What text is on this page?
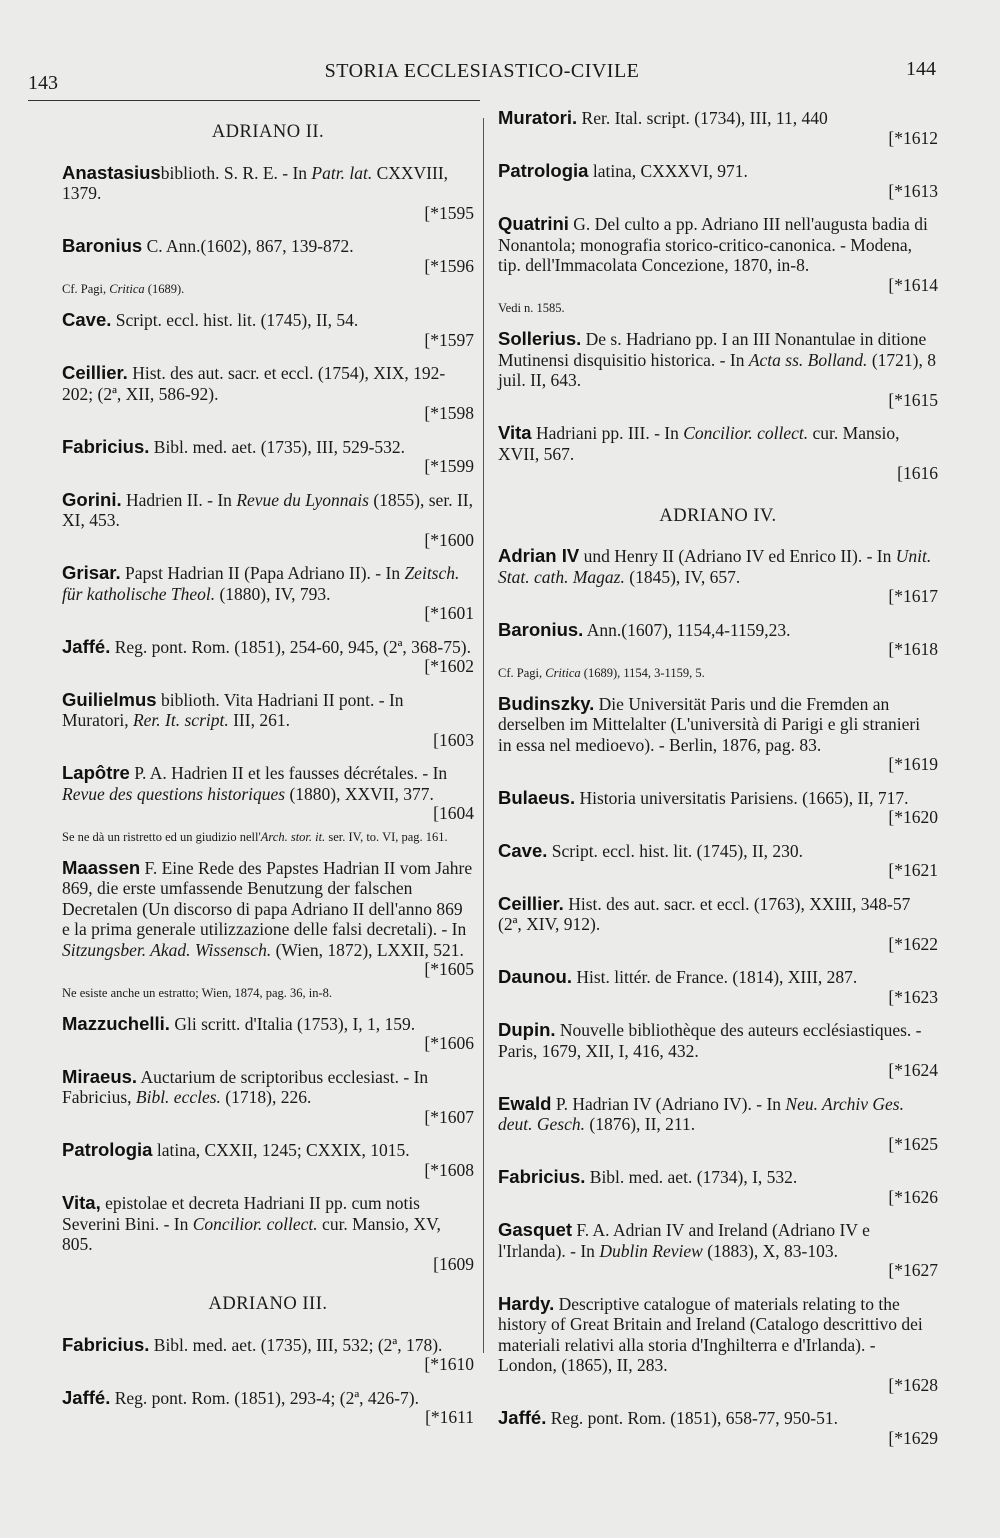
143
STORIA ECCLESIASTICO-CIVILE	144
ADRIANO II.
Anastasiusbiblioth. S. R. E. - In Patr. lat. CXXVIII, 1379.
[*1595
Baronius C. Ann.(1602), 867, 139-872.
[*1596
Cf. Pagi, Critica (1689).
Cave. Script. eccl. hist. lit. (1745), II, 54.
[*1597
Ceillier. Hist. des aut. sacr. et eccl. (1754), XIX, 192-202; (2ª, XII, 586-92).
[*1598
Fabricius. Bibl. med. aet. (1735), III, 529-532.
[*1599
Gorini. Hadrien II. - In Revue du Lyonnais (1855), ser. II, XI, 453.
[*1600
Grisar. Papst Hadrian II (Papa Adriano II). - In Zeitsch. für katholische Theol. (1880), IV, 793.
[*1601
Jaffé. Reg. pont. Rom. (1851), 254-60, 945, (2ª, 368-75).
[*1602
Guilielmus biblioth. Vita Hadriani II pont. - In Muratori, Rer. It. script. III, 261.
[1603
Lapôtre P. A. Hadrien II et les fausses décrétales. - In Revue des questions historiques (1880), XXVII, 377.
[1604
Se ne dà un ristretto ed un giudizio nell'Arch. stor. it. ser. IV, to. VI, pag. 161.
Maassen F. Eine Rede des Papstes Hadrian II vom Jahre 869, die erste umfassende Benutzung der falschen Decretalen (Un discorso di papa Adriano II dell'anno 869 e la prima generale utilizzazione delle falsi decretali). - In Sitzungsber. Akad. Wissensch. (Wien, 1872), LXXII, 521.
[*1605
Ne esiste anche un estratto; Wien, 1874, pag. 36, in-8.
Mazzuchelli. Gli scritt. d'Italia (1753), I, 1, 159.
[*1606
Miraeus. Auctarium de scriptoribus ecclesiast. - In Fabricius, Bibl. eccles. (1718), 226.
[*1607
Patrologia latina, CXXII, 1245; CXXIX, 1015.
[*1608
Vita, epistolae et decreta Hadriani II pp. cum notis Severini Bini. - In Concilior. collect. cur. Mansio, XV, 805.
[1609
ADRIANO III.
Fabricius. Bibl. med. aet. (1735), III, 532; (2ª, 178).
[*1610
Jaffé. Reg. pont. Rom. (1851), 293-4; (2ª, 426-7).
[*1611
Muratori. Rer. Ital. script. (1734), III, 11, 440
[*1612
Patrologia latina, CXXXVI, 971.
[*1613
Quatrini G. Del culto a pp. Adriano III nell'augusta badia di Nonantola; monografia storico-critico-canonica. - Modena, tip. dell'Immacolata Concezione, 1870, in-8.
[*1614
Vedi n. 1585.
Sollerius. De s. Hadriano pp. I an III Nonantulae in ditione Mutinensi disquisitio historica. - In Acta ss. Bolland. (1721), 8 juil. II, 643.
[*1615
Vita Hadriani pp. III. - In Concilior. collect. cur. Mansio, XVII, 567.
[1616
ADRIANO IV.
Adrian IV und Henry II (Adriano IV ed Enrico II). - In Unit. Stat. cath. Magaz. (1845), IV, 657.
[*1617
Baronius. Ann.(1607), 1154,4-1159,23.
[*1618
Cf. Pagi, Critica (1689), 1154, 3-1159, 5.
Budinszky. Die Universität Paris und die Fremden an derselben im Mittelalter (L'università di Parigi e gli stranieri in essa nel medioevo). - Berlin, 1876, pag. 83.
[*1619
Bulaeus. Historia universitatis Parisiens. (1665), II, 717.
[*1620
Cave. Script. eccl. hist. lit. (1745), II, 230.
[*1621
Ceillier. Hist. des aut. sacr. et eccl. (1763), XXIII, 348-57 (2ª, XIV, 912).
[*1622
Daunou. Hist. littér. de France. (1814), XIII, 287.
[*1623
Dupin. Nouvelle bibliothèque des auteurs ecclésiastiques. - Paris, 1679, XII, I, 416, 432.
[*1624
Ewald P. Hadrian IV (Adriano IV). - In Neu. Archiv Ges. deut. Gesch. (1876), II, 211.
[*1625
Fabricius. Bibl. med. aet. (1734), I, 532.
[*1626
Gasquet F. A. Adrian IV and Ireland (Adriano IV e l'Irlanda). - In Dublin Review (1883), X, 83-103.
[*1627
Hardy. Descriptive catalogue of materials relating to the history of Great Britain and Ireland (Catalogo descrittivo dei materiali relativi alla storia d'Inghilterra e d'Irlanda). - London, (1865), II, 283.
[*1628
Jaffé. Reg. pont. Rom. (1851), 658-77, 950-51.
[*1629
